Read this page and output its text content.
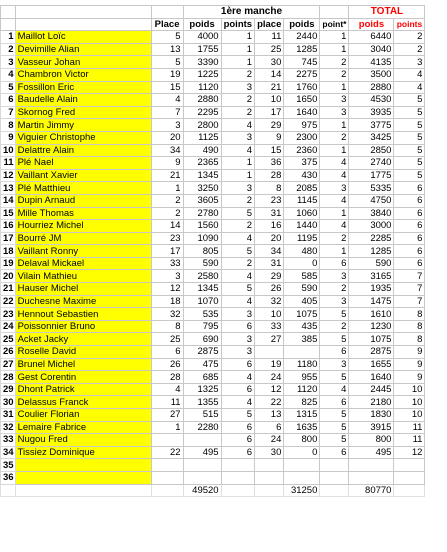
			1ère manche					TOTAL	
		Place	poids	points	place	poids	point*	poids	points
1	Maillot Loïc	5	4000	1	11	2440	1	6440	2
2	Devimille Alian	13	1755	1	25	1285	1	3040	2
3	Vasseur Johan	5	3390	1	30	745	2	4135	3
4	Chambron Victor	19	1225	2	14	2275	2	3500	4
5	Fossillon Eric	15	1120	3	21	1760	1	2880	4
6	Baudelle Alain	4	2880	2	10	1650	3	4530	5
7	Skornog Fred	7	2295	2	17	1640	3	3935	5
8	Martin Jimmy	3	2800	4	29	975	1	3775	5
9	Viguier Christophe	20	1125	3	9	2300	2	3425	5
10	Delattre Alain	34	490	4	15	2360	1	2850	5
11	Plé Nael	9	2365	1	36	375	4	2740	5
12	Vaillant Xavier	21	1345	1	28	430	4	1775	5
13	Plé Matthieu	1	3250	3	8	2085	3	5335	6
14	Dupin Arnaud	2	3605	2	23	1145	4	4750	6
15	Mille Thomas	2	2780	5	31	1060	1	3840	6
16	Hourriez Michel	14	1560	2	16	1440	4	3000	6
17	Bourré JM	23	1090	4	20	1195	2	2285	6
18	Vaillant Ronny	17	805	5	34	480	1	1285	6
19	Delaval Mickael	33	590	2	31	0	6	590	6
20	Vilain Mathieu	3	2580	4	29	585	3	3165	7
21	Hauser Michel	12	1345	5	26	590	2	1935	7
22	Duchesne Maxime	18	1070	4	32	405	3	1475	7
23	Hennout Sebastien	32	535	3	10	1075	5	1610	8
24	Poissonnier Bruno	8	795	6	33	435	2	1230	8
25	Acket Jacky	25	690	3	27	385	5	1075	8
26	Roselle David	6	2875	3			6	2875	9
27	Brunel Michel	26	475	6	19	1180	3	1655	9
28	Gest Corentin	28	685	4	24	955	5	1640	9
29	Dhont Patrick	4	1325	6	12	1120	4	2445	10
30	Delassus Franck	11	1355	4	22	825	6	2180	10
31	Coulier Florian	27	515	5	13	1315	5	1830	10
32	Lemaire Fabrice	1	2280	6	6	1635	5	3915	11
33	Nugou Fred			6	24	800	5	800	11
34	Tissiez Dominique	22	495	6	30	0	6	495	12
35									
36									
			49520			31250		80770	
